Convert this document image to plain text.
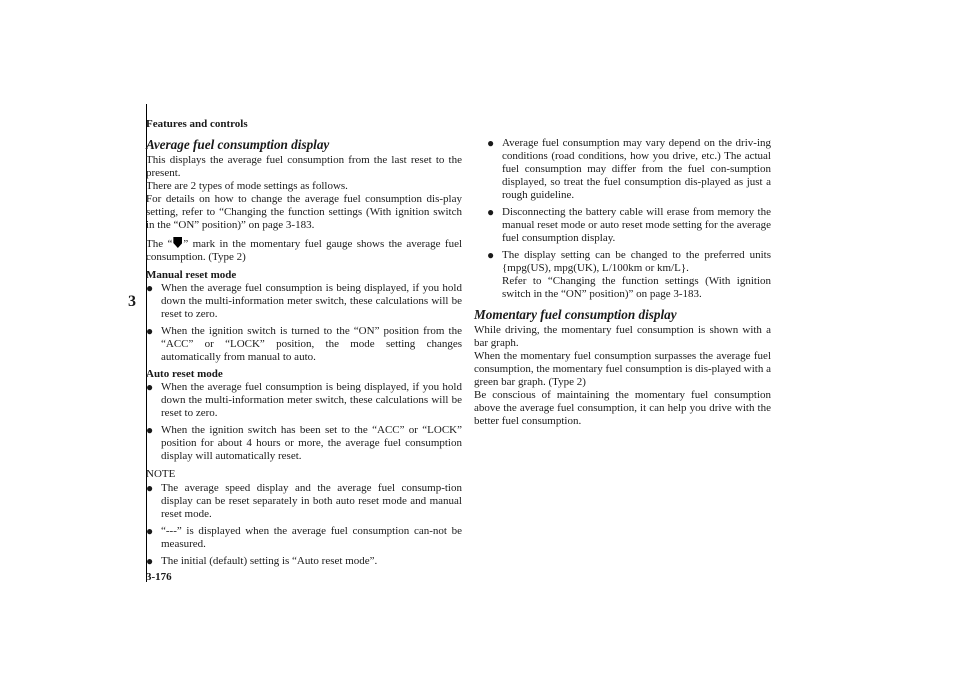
Features and controls
3
3-176
Average fuel consumption display
This displays the average fuel consumption from the last reset to the present.
There are 2 types of mode settings as follows.
For details on how to change the average fuel consumption dis-play setting, refer to “Changing the function settings (With ignition switch in the “ON” position)” on page 3-183.
The “ ” mark in the momentary fuel gauge shows the average fuel consumption. (Type 2)
Manual reset mode
● When the average fuel consumption is being displayed, if you hold down the multi-information meter switch, these calculations will be reset to zero.
● When the ignition switch is turned to the “ON” position from the “ACC” or “LOCK” position, the mode setting changes automatically from manual to auto.
Auto reset mode
● When the average fuel consumption is being displayed, if you hold down the multi-information meter switch, these calculations will be reset to zero.
● When the ignition switch has been set to the “ACC” or “LOCK” position for about 4 hours or more, the average fuel consumption display will automatically reset.
NOTE
● The average speed display and the average fuel consump-tion display can be reset separately in both auto reset mode and manual reset mode.
● “---” is displayed when the average fuel consumption can-not be measured.
● The initial (default) setting is “Auto reset mode”.
● Average fuel consumption may vary depend on the driv-ing conditions (road conditions, how you drive, etc.) The actual fuel consumption may differ from the fuel con-sumption displayed, so treat the fuel consumption dis-played as just a rough guideline.
● Disconnecting the battery cable will erase from memory the manual reset mode or auto reset mode setting for the average fuel consumption display.
● The display setting can be changed to the preferred units {mpg(US), mpg(UK), L/100km or km/L}.
Refer to “Changing the function settings (With ignition switch in the “ON” position)” on page 3-183.
Momentary fuel consumption display
While driving, the momentary fuel consumption is shown with a bar graph.
When the momentary fuel consumption surpasses the average fuel consumption, the momentary fuel consumption is dis-played with a green bar graph. (Type 2)
Be conscious of maintaining the momentary fuel consumption above the average fuel consumption, it can help you drive with the better fuel consumption.
